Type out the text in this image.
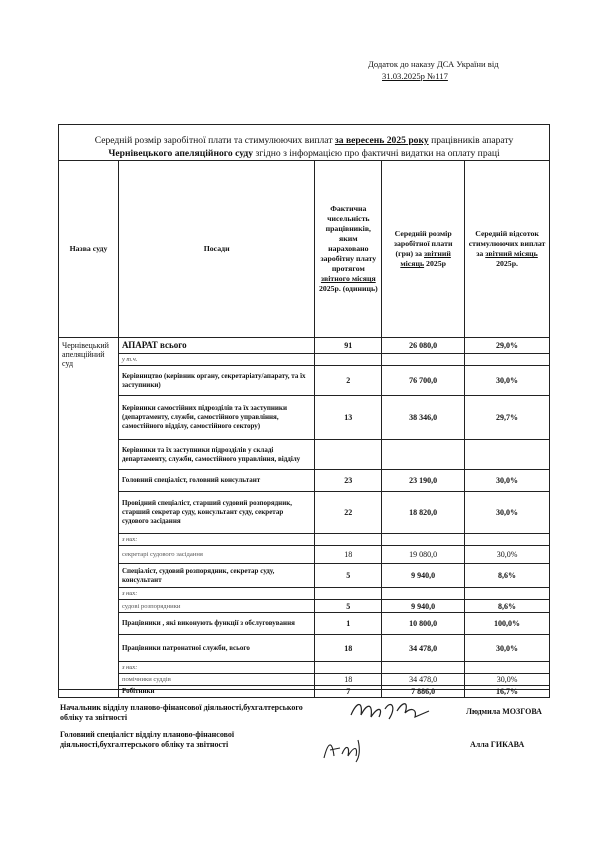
Додаток до наказу ДСА України від
31.03.2025р №117
Середній розмір заробітної плати та стимулюючих виплат за вересень 2025 року працівників апарату
Чернівецького апеляційного суду згідно з інформацією про фактичні видатки на оплату праці
Назва суду	Посади	Фактична чисельність працівників, яким нараховано заробітну плату протягом звітного місяця 2025р. (одиниць)	Середній розмір заробітної плати (грн) за звітний місяць 2025р	Середній відсоток стимулюючих виплат за звітний місяць 2025р.
Чернівецький апеляційний суд	АПАРАТ всього	91	26 080,0	29,0%
	у т.ч.			
	Керівництво (керівник органу, секретаріату/апарату, та їх заступники)	2	76 700,0	30,0%
	Керівники самостійних підрозділів та їх заступники (департаменту, служби, самостійного управління, самостійного відділу, самостійного сектору)	13	38 346,0	29,7%
	Керівники та їх заступники підрозділів у складі департаменту, служби, самостійного управління, відділу			
	Головний спеціаліст, головний консультант	23	23 190,0	30,0%
	Провідний спеціаліст, старший судовий розпорядник, старший секретар суду, консультант суду, секретар судового засідання	22	18 820,0	30,0%
	з них:			
	секретарі судового засідання	18	19 080,0	30,0%
	Спеціаліст, судовий розпорядник, секретар суду, консультант	5	9 940,0	8,6%
	з них:			
	судові розпорядники	5	9 940,0	8,6%
	Працівники , які виконують функції з обслуговування	1	10 800,0	100,0%
	Працівники патронатної служби, всього	18	34 478,0	30,0%
	з них:			
	помічники суддів	18	34 478,0	30,0%
	Робітники	7	7 886,0	16,7%
Начальник відділу планово-фінансової діяльності,бухгалтерського обліку та звітності
Людмила МОЗГОВА
Головний спеціаліст відділу планово-фінансової діяльності,бухгалтерського обліку та звітності	Алла ГИКАВА
